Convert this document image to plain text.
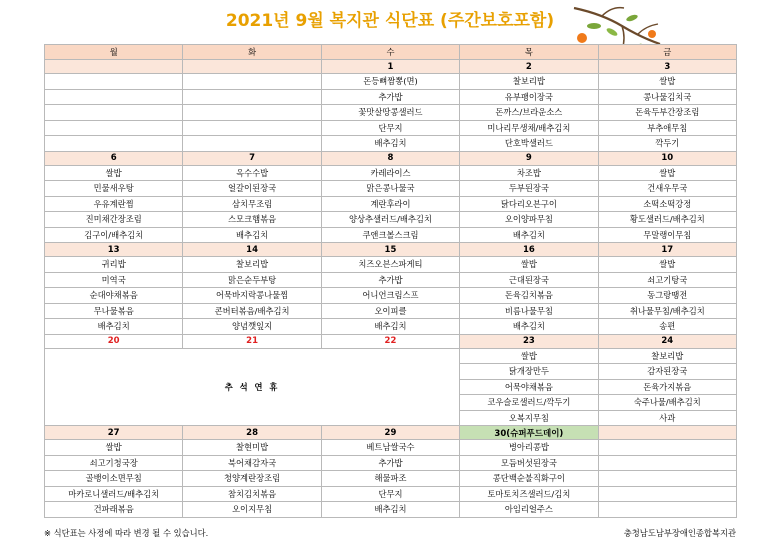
2021년 9월 복지관 식단표 (주간보호포함)
월	화	수	목	금
		1	2	3
		돈등뼈짬뽕(면)	찰보리밥	쌀밥
		추가밥	유부팽이장국	콩나물김치국
		꽃맛살땅콩샐러드	돈까스/브라운소스	돈육두부간장조림
		단무지	미나리무생채/배추김치	부추애무침
		배추김치	단호박샐러드	깍두기
6	7	8	9	10
쌀밥	옥수수밥	카레라이스	차조밥	쌀밥
민물새우탕	얼갈이된장국	맑은콩나물국	두부된장국	건새우무국
우유계란찜	삼치무조림	계란후라이	닭다리오븐구이	소떡소떡강정
진미채간장조림	스모크햄볶음	양상추샐러드/배추김치	오이양파무침	황도샐러드/배추김치
김구이/배추김치	배추김치	쿠앤크볼스크림	배추김치	무말랭이무침
13	14	15	16	17
귀리밥	찰보리밥	치즈오븐스파게티	쌀밥	쌀밥
미역국	맑은순두부탕	추가밥	근대된장국	쇠고기탕국
순대야채볶음	어묵바지락콩나물찜	어니언크림스프	돈육김치볶음	동그랑땡전
무나물볶음	콘버터볶음/배추김치	오이피클	비름나물무침	취나물무침/배추김치
배추김치	양념깻잎지	배추김치	배추김치	송편
20	21	22	23	24
추 석 연 휴			쌀밥	찰보리밥
			닭개장만두	감자된장국
			어묵야채볶음	돈육가지볶음
			코우슬로샐러드/깍두기	숙주나물/배추김치
			오복지무침	사과
27	28	29	30(슈퍼푸드데이)	
쌀밥	찰현미밥	베트남쌀국수	병아리콩밥	
쇠고기청국장	북어채감자국	추가밥	모듬버섯된장국	
골뱅이소면무침	청양계란장조림	해물파조	콩단백순불직화구이	
마카로니샐러드/배추김치	참치김치볶음	단무지	토마토치즈샐러드/김치	
건파래볶음	오이지무침	배추김치	아임리얼주스	
※ 식단표는 사정에 따라 변경 될 수 있습니다.	충청남도남부장애인종합복지관
